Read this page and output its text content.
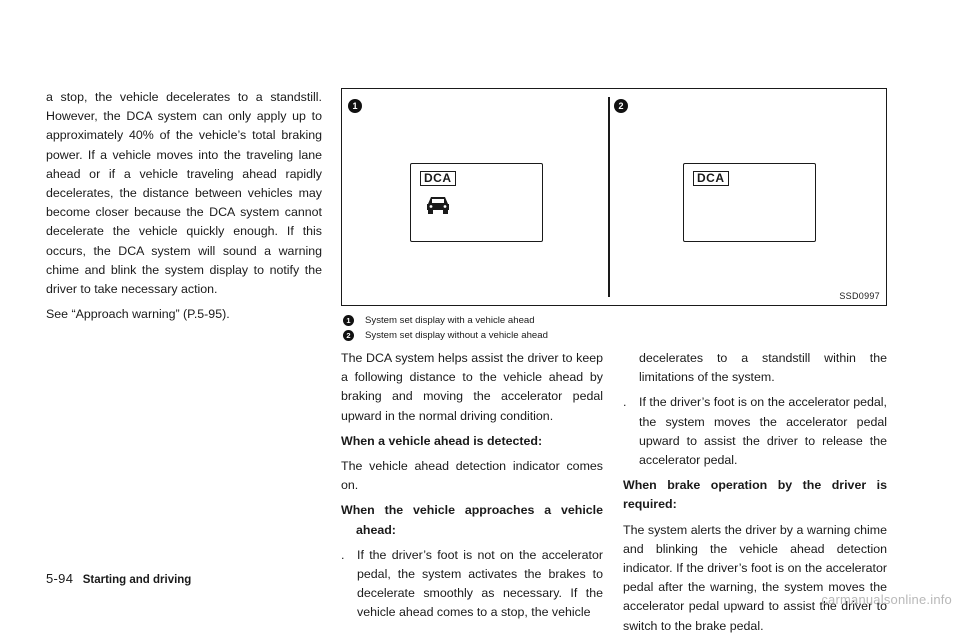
a stop, the vehicle decelerates to a standstill. However, the DCA system can only apply up to approximately 40% of the vehicle’s total braking power. If a vehicle moves into the traveling lane ahead or if a vehicle traveling ahead rapidly decelerates, the distance between vehicles may become closer because the DCA system cannot decelerate the vehicle quickly enough. If this occurs, the DCA system will sound a warning chime and blink the system display to notify the driver to take necessary action.

See “Approach warning” (P.5-95).

1
DCA
2
DCA
SSD0997
1	System set display with a vehicle ahead
2	System set display without a vehicle ahead

The DCA system helps assist the driver to keep a following distance to the vehicle ahead by braking and moving the accelerator pedal upward in the normal driving condition.

When a vehicle ahead is detected:

The vehicle ahead detection indicator comes on.

When the vehicle approaches a vehicle ahead:

. If the driver’s foot is not on the accelerator pedal, the system activates the brakes to decelerate smoothly as necessary. If the vehicle ahead comes to a stop, the vehicle

decelerates to a standstill within the limitations of the system.

. If the driver’s foot is on the accelerator pedal, the system moves the accelerator pedal upward to assist the driver to release the accelerator pedal.

When brake operation by the driver is required:

The system alerts the driver by a warning chime and blinking the vehicle ahead detection indicator. If the driver’s foot is on the accelerator pedal after the warning, the system moves the accelerator pedal upward to assist the driver to switch to the brake pedal.

5-94 Starting and driving
carmanualsonline.info
